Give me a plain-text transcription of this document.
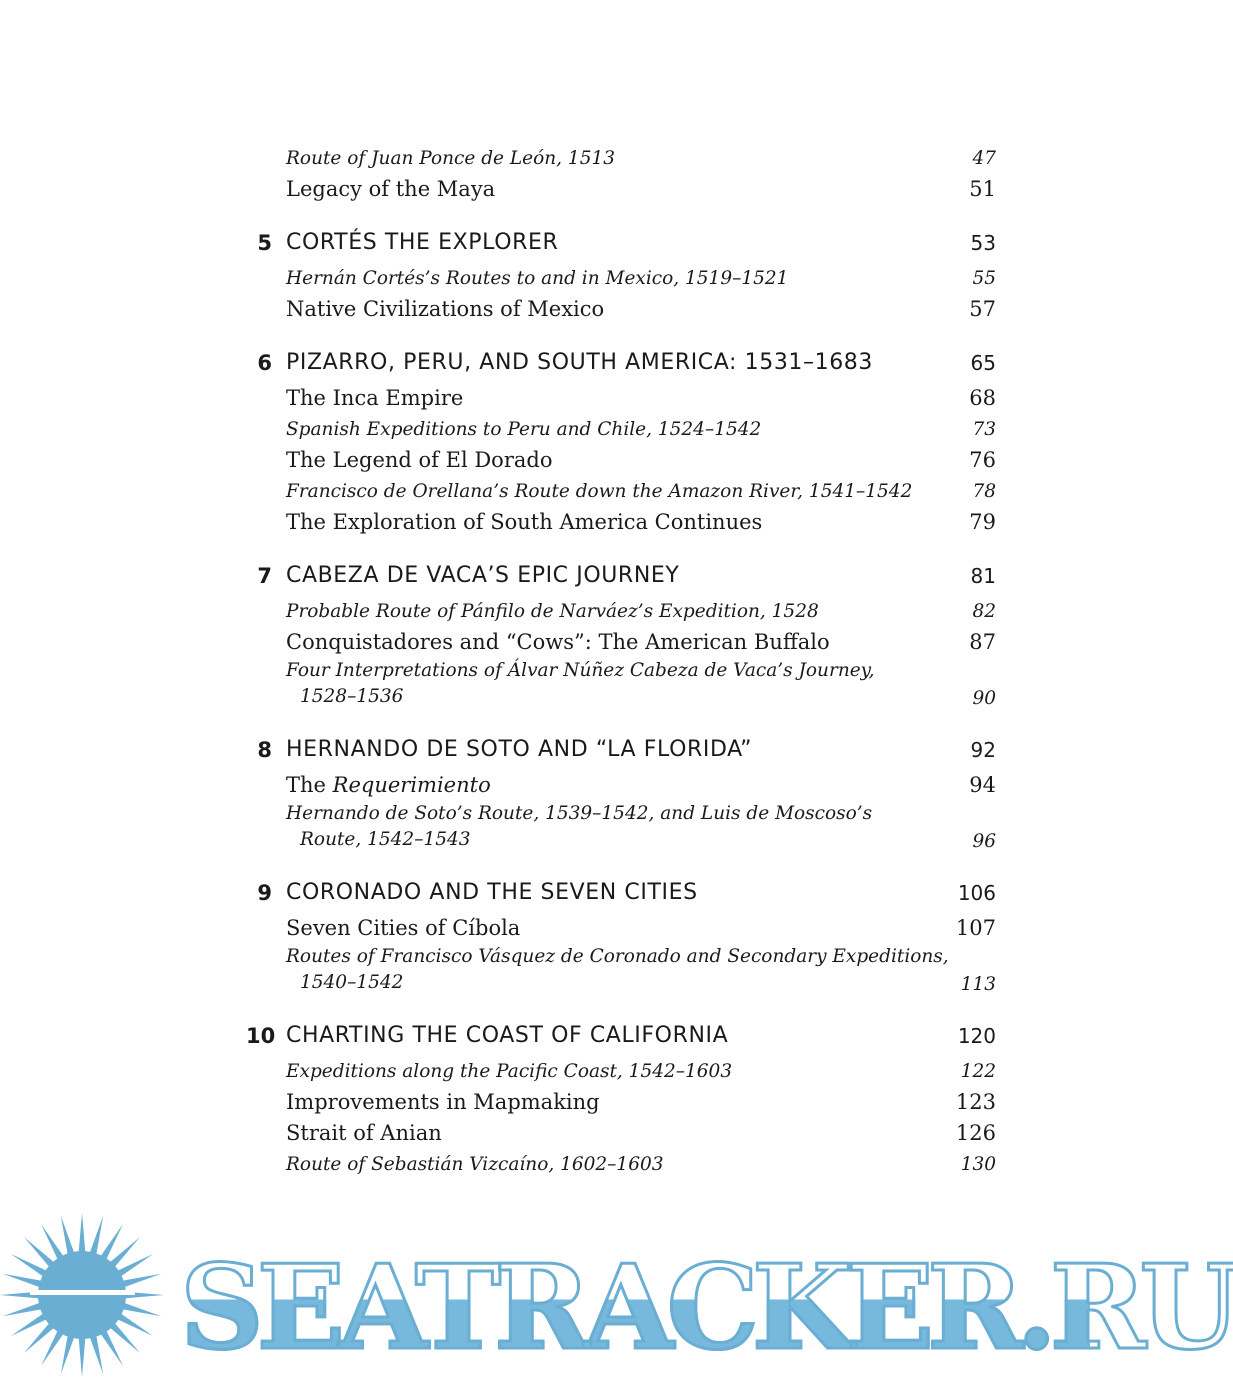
Route of Juan Ponce de León, 1513	47
Legacy of the Maya	51
5 CORTÉS THE EXPLORER	53
Hernán Cortés’s Routes to and in Mexico, 1519–1521	55
Native Civilizations of Mexico	57
6 PIZARRO, PERU, AND SOUTH AMERICA: 1531–1683	65
The Inca Empire	68
Spanish Expeditions to Peru and Chile, 1524–1542	73
The Legend of El Dorado	76
Francisco de Orellana’s Route down the Amazon River, 1541–1542	78
The Exploration of South America Continues	79
7 CABEZA DE VACA’S EPIC JOURNEY	81
Probable Route of Pánfilo de Narváez’s Expedition, 1528	82
Conquistadores and “Cows”: The American Buffalo	87
Four Interpretations of Álvar Núñez Cabeza de Vaca’s Journey,
1528–1536	90
8 HERNANDO DE SOTO AND “LA FLORIDA”	92
The Requerimiento	94
Hernando de Soto’s Route, 1539–1542, and Luis de Moscoso’s
Route, 1542–1543	96
9 CORONADO AND THE SEVEN CITIES	106
Seven Cities of Cíbola	107
Routes of Francisco Vásquez de Coronado and Secondary Expeditions,
1540–1542	113
10 CHARTING THE COAST OF CALIFORNIA	120
Expeditions along the Pacific Coast, 1542–1603	122
Improvements in Mapmaking	123
Strait of Anian	126
Route of Sebastián Vizcaíno, 1602–1603	130
SEATRACKER.RU
